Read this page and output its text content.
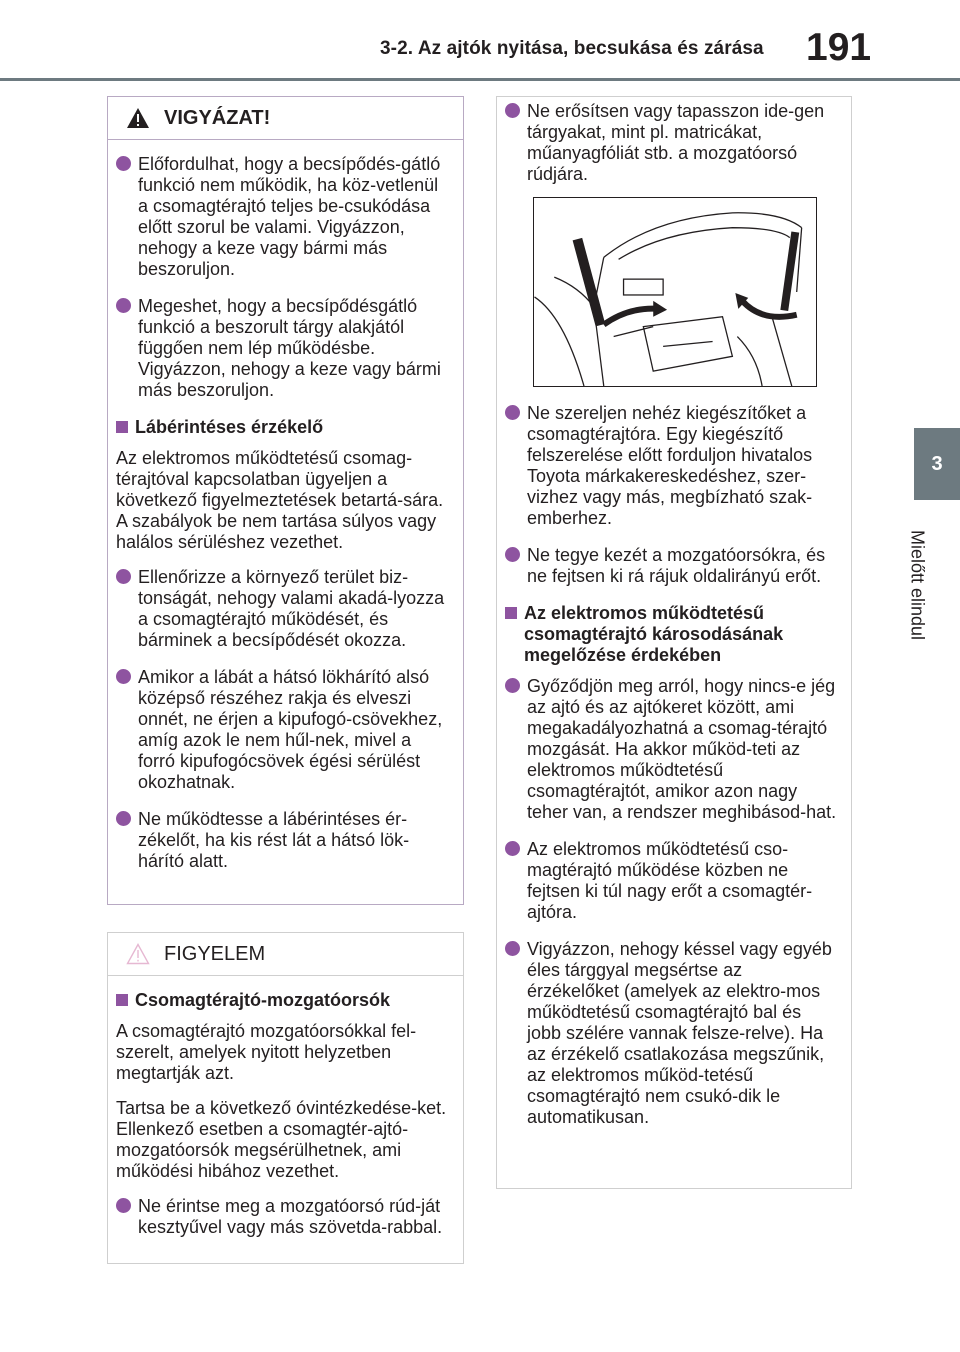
3-2. Az ajtók nyitása, becsukása és zárása 191
3
Mielőtt elindul
VIGYÁZAT!
Előfordulhat, hogy a becsípődés-gátló funkció nem működik, ha köz-vetlenül a csomagtérajtó teljes be-csukódása előtt szorul be valami. Vigyázzon, nehogy a keze vagy bármi más beszoruljon.
Megeshet, hogy a becsípődésgátló funkció a beszorult tárgy alakjától függően nem lép működésbe. Vigyázzon, nehogy a keze vagy bármi más beszoruljon.
Lábérintéses érzékelő
Az elektromos működtetésű csomag-térajtóval kapcsolatban ügyeljen a következő figyelmeztetések betartá-sára.
A szabályok be nem tartása súlyos vagy halálos sérüléshez vezethet.
Ellenőrizze a környező terület biz-tonságát, nehogy valami akadá-lyozza a csomagtérajtó működését, és bárminek a becsípődését okozza.
Amikor a lábát a hátsó lökhárító alsó középső részéhez rakja és elveszi onnét, ne érjen a kipufogó-csövekhez, amíg azok le nem hűl-nek, mivel a forró kipufogócsövek égési sérülést okozhatnak.
Ne működtesse a lábérintéses ér-zékelőt, ha kis rést lát a hátsó lök-hárító alatt.
FIGYELEM
Csomagtérajtó-mozgatóorsók
A csomagtérajtó mozgatóorsókkal fel-szerelt, amelyek nyitott helyzetben megtartják azt.
Tartsa be a következő óvintézkedése-ket. Ellenkező esetben a csomagtér-ajtó-mozgatóorsók megsérülhetnek, ami működési hibához vezethet.
Ne érintse meg a mozgatóorsó rúd-ját kesztyűvel vagy más szövetda-rabbal.
Ne erősítsen vagy tapasszon ide-gen tárgyakat, mint pl. matricákat, műanyagfóliát stb. a mozgatóorsó rúdjára.
Ne szereljen nehéz kiegészítőket a csomagtérajtóra. Egy kiegészítő felszerelése előtt forduljon hivatalos Toyota márkakereskedéshez, szer-vizhez vagy más, megbízható szak-emberhez.
Ne tegye kezét a mozgatóorsókra, és ne fejtsen ki rá rájuk oldalirányú erőt.
Az elektromos működtetésű csomagtérajtó károsodásának megelőzése érdekében
Győződjön meg arról, hogy nincs-e jég az ajtó és az ajtókeret között, ami megakadályozhatná a csomag-térajtó mozgását. Ha akkor működ-teti az elektromos működtetésű csomagtérajtót, amikor azon nagy teher van, a rendszer meghibásod-hat.
Az elektromos működtetésű cso-magtérajtó működése közben ne fejtsen ki túl nagy erőt a csomagtér-ajtóra.
Vigyázzon, nehogy késsel vagy egyéb éles tárggyal megsértse az érzékelőket (amelyek az elektro-mos működtetésű csomagtérajtó bal és jobb szélére vannak felsze-relve). Ha az érzékelő csatlakozása megszűnik, az elektromos működ-tetésű csomagtérajtó nem csukó-dik le automatikusan.
